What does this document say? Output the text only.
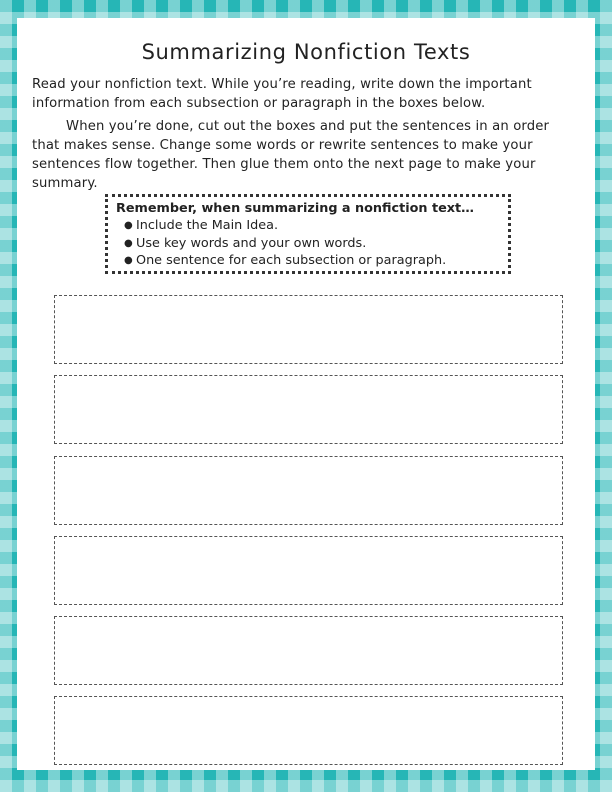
Summarizing Nonfiction Texts

Read your nonfiction text. While you’re reading, write down the important information from each subsection or paragraph in the boxes below.

When you’re done, cut out the boxes and put the sentences in an order that makes sense. Change some words or rewrite sentences to make your sentences flow together. Then glue them onto the next page to make your summary.

Remember, when summarizing a nonfiction text…
● Include the Main Idea.
● Use key words and your own words.
● One sentence for each subsection or paragraph.
